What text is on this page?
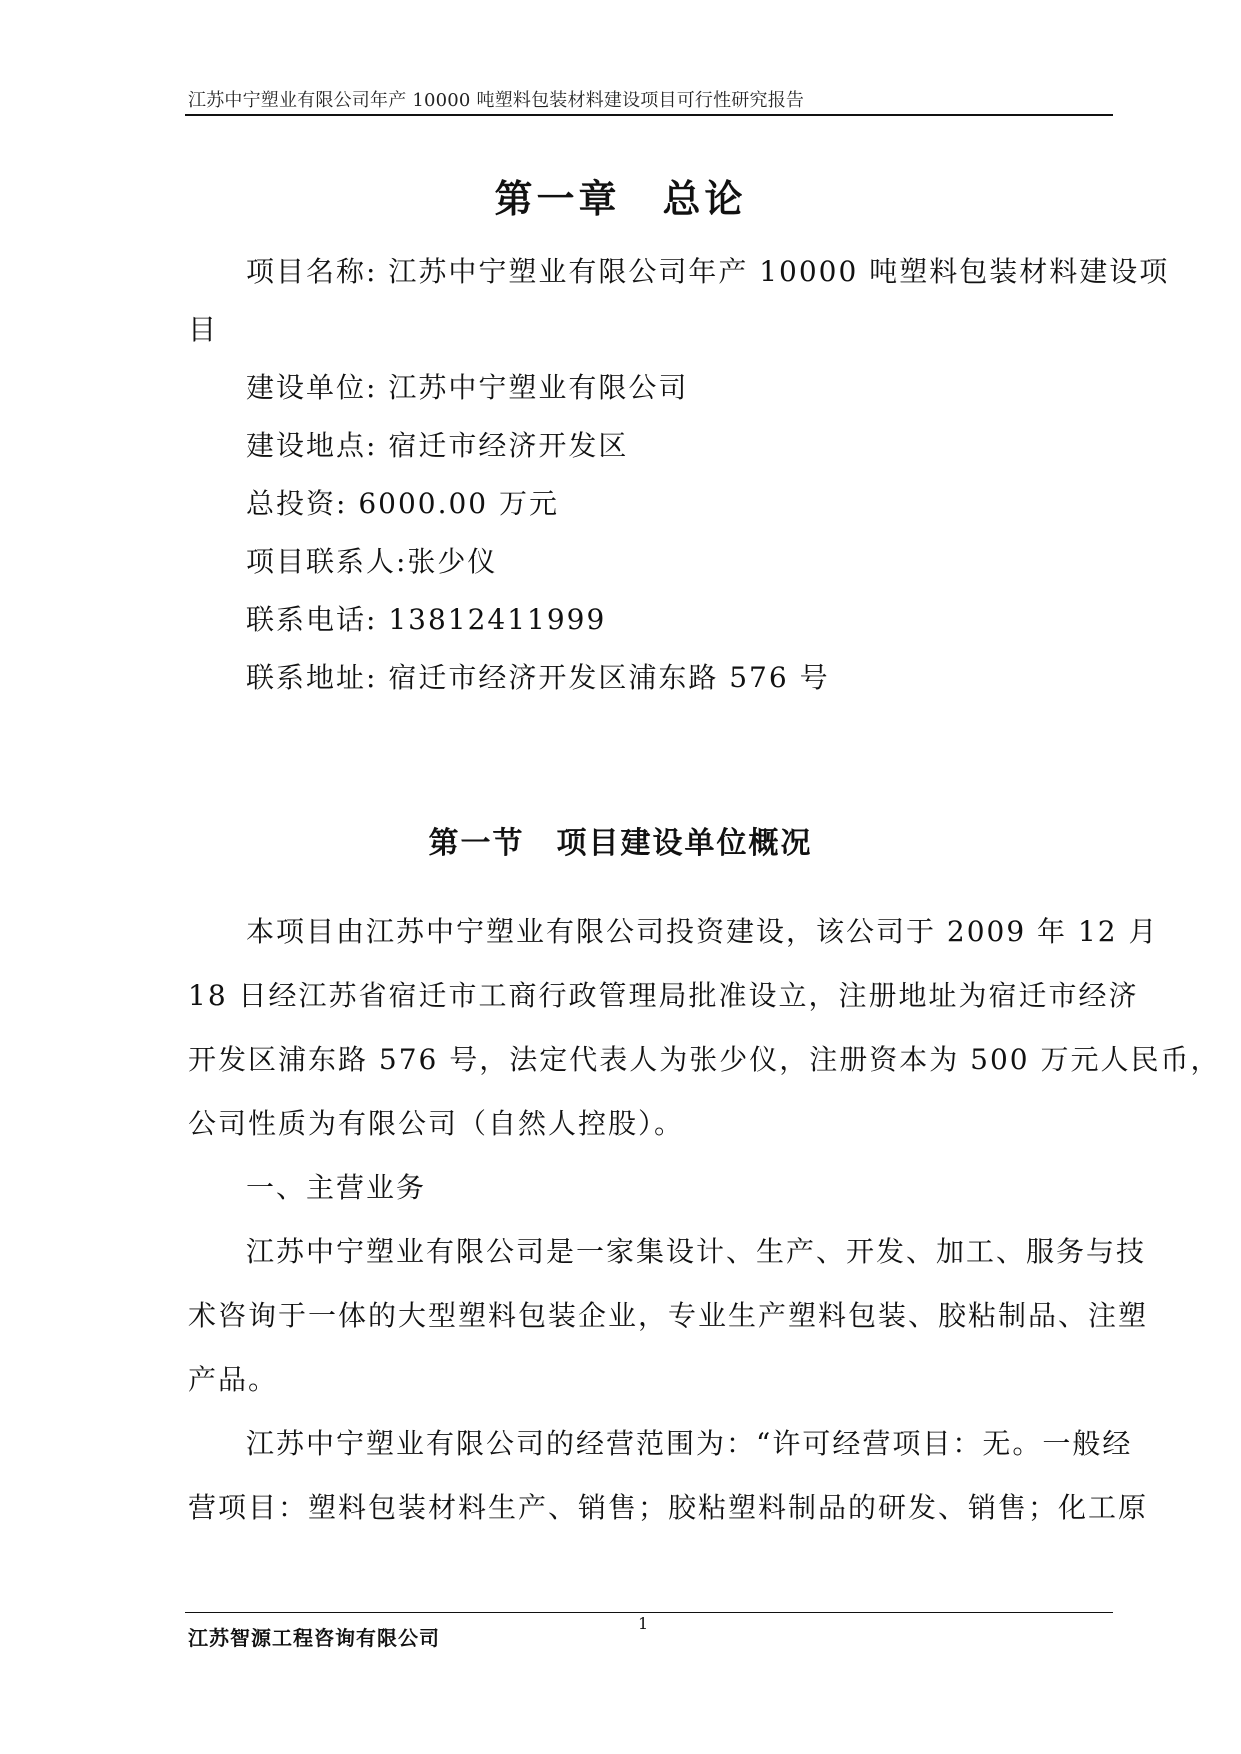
江苏中宁塑业有限公司年产 10000 吨塑料包装材料建设项目可行性研究报告
第一章　总论
项目名称: 江苏中宁塑业有限公司年产 10000 吨塑料包装材料建设项
目
建设单位: 江苏中宁塑业有限公司
建设地点: 宿迁市经济开发区
总投资: 6000.00 万元
项目联系人:张少仪
联系电话: 13812411999
联系地址: 宿迁市经济开发区浦东路 576 号
第一节　项目建设单位概况
本项目由江苏中宁塑业有限公司投资建设，该公司于 2009 年 12 月
18 日经江苏省宿迁市工商行政管理局批准设立，注册地址为宿迁市经济
开发区浦东路 576 号，法定代表人为张少仪，注册资本为 500 万元人民币，
公司性质为有限公司（自然人控股）。
一、主营业务
江苏中宁塑业有限公司是一家集设计、生产、开发、加工、服务与技
术咨询于一体的大型塑料包装企业，专业生产塑料包装、胶粘制品、注塑
产品。
江苏中宁塑业有限公司的经营范围为：“许可经营项目：无。一般经
营项目：塑料包装材料生产、销售；胶粘塑料制品的研发、销售；化工原
江苏智源工程咨询有限公司
1
